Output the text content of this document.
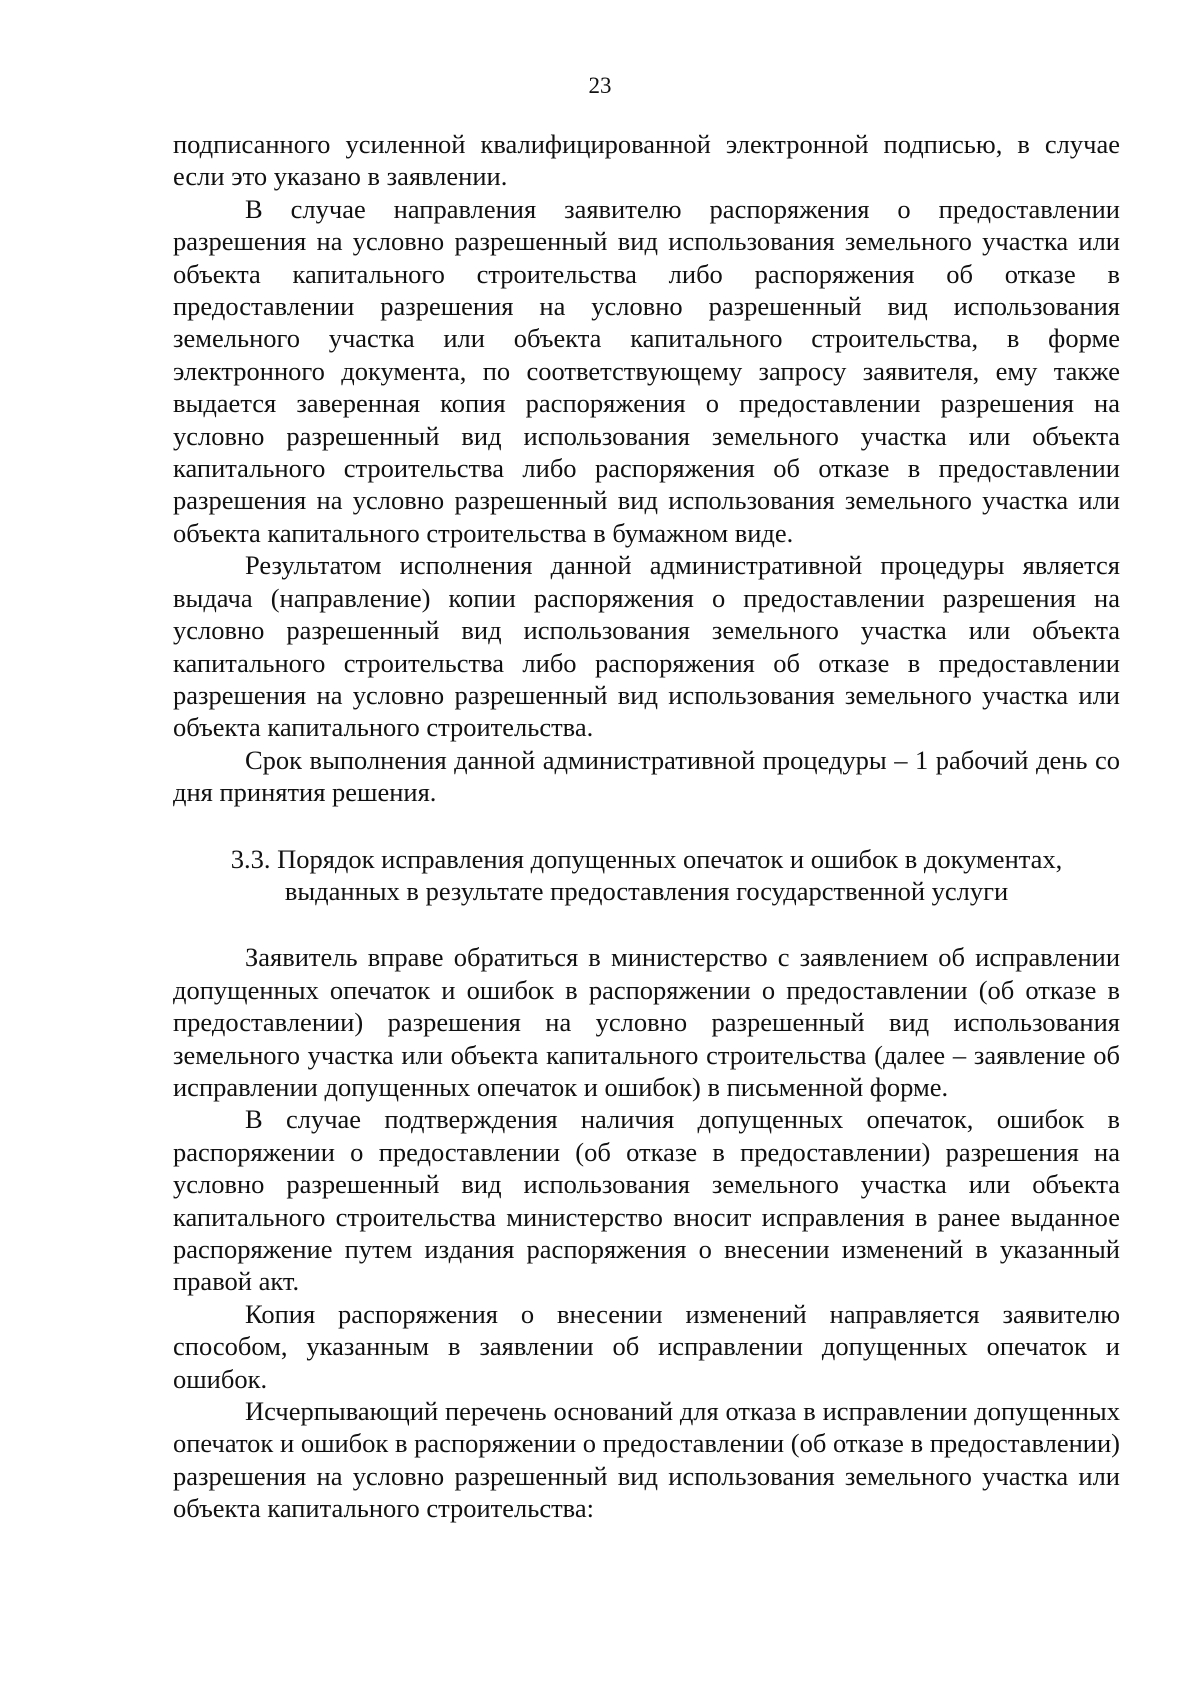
23

подписанного усиленной квалифицированной электронной подписью, в случае если это указано в заявлении.

В случае направления заявителю распоряжения о предоставлении разрешения на условно разрешенный вид использования земельного участка или объекта капитального строительства либо распоряжения об отказе в предоставлении разрешения на условно разрешенный вид использования земельного участка или объекта капитального строительства, в форме электронного документа, по соответствующему запросу заявителя, ему также выдается заверенная копия распоряжения о предоставлении разрешения на условно разрешенный вид использования земельного участка или объекта капитального строительства либо распоряжения об отказе в предоставлении разрешения на условно разрешенный вид использования земельного участка или объекта капитального строительства в бумажном виде.

Результатом исполнения данной административной процедуры является выдача (направление) копии распоряжения о предоставлении разрешения на условно разрешенный вид использования земельного участка или объекта капитального строительства либо распоряжения об отказе в предоставлении разрешения на условно разрешенный вид использования земельного участка или объекта капитального строительства.

Срок выполнения данной административной процедуры – 1 рабочий день со дня принятия решения.

3.3. Порядок исправления допущенных опечаток и ошибок в документах,
выданных в результате предоставления государственной услуги

Заявитель вправе обратиться в министерство с заявлением об исправлении допущенных опечаток и ошибок в распоряжении о предоставлении (об отказе в предоставлении) разрешения на условно разрешенный вид использования земельного участка или объекта капитального строительства (далее – заявление об исправлении допущенных опечаток и ошибок) в письменной форме.

В случае подтверждения наличия допущенных опечаток, ошибок в распоряжении о предоставлении (об отказе в предоставлении) разрешения на условно разрешенный вид использования земельного участка или объекта капитального строительства министерство вносит исправления в ранее выданное распоряжение путем издания распоряжения о внесении изменений в указанный правой акт.

Копия распоряжения о внесении изменений направляется заявителю способом, указанным в заявлении об исправлении допущенных опечаток и ошибок.

Исчерпывающий перечень оснований для отказа в исправлении допущенных опечаток и ошибок в распоряжении о предоставлении (об отказе в предоставлении) разрешения на условно разрешенный вид использования земельного участка или объекта капитального строительства:
